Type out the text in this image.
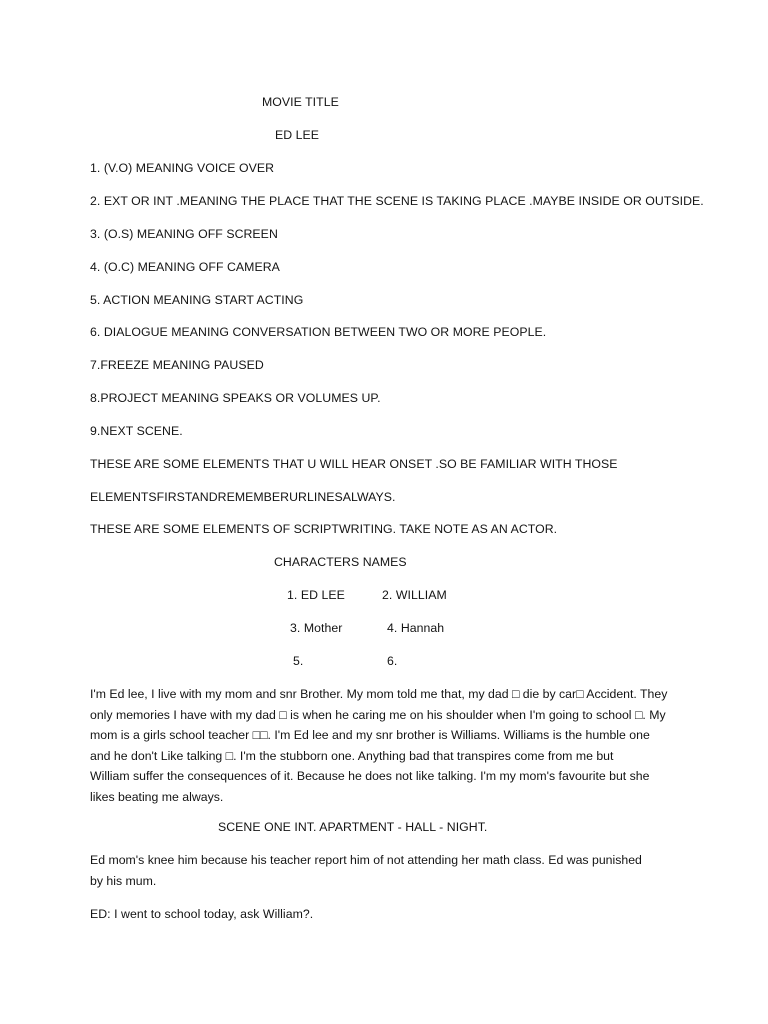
MOVIE TITLE

ED LEE

1. (V.O) MEANING VOICE OVER

2. EXT OR INT .MEANING THE PLACE THAT THE SCENE IS TAKING PLACE .MAYBE INSIDE OR OUTSIDE.

3. (O.S) MEANING OFF SCREEN

4. (O.C) MEANING OFF CAMERA

5. ACTION MEANING START ACTING

6. DIALOGUE MEANING CONVERSATION BETWEEN TWO OR MORE PEOPLE.

7.FREEZE MEANING PAUSED

8.PROJECT MEANING SPEAKS OR VOLUMES UP.

9.NEXT SCENE.

THESE ARE SOME ELEMENTS THAT U WILL HEAR ONSET .SO BE FAMILIAR WITH THOSE

ELEMENTSFIRSTANDREMEMBERURLINESALWAYS.

THESE ARE SOME ELEMENTS OF SCRIPTWRITING. TAKE NOTE AS AN ACTOR.

CHARACTERS NAMES

1. ED LEE	2. WILLIAM

3. Mother	4. Hannah

5.	6.

I'm Ed lee, I live with my mom and snr Brother. My mom told me that, my dad □ die by car□ Accident. They
only memories I have with my dad □ is when he caring me on his shoulder when I'm going to school □. My
mom is a girls school teacher □□. I'm Ed lee and my snr brother is Williams. Williams is the humble one
and he don't Like talking □. I'm the stubborn one. Anything bad that transpires come from me but
William suffer the consequences of it. Because he does not like talking. I'm my mom's favourite but she
likes beating me always.

SCENE ONE INT. APARTMENT - HALL - NIGHT.

Ed mom's knee him because his teacher report him of not attending her math class. Ed was punished
by his mum.

ED: I went to school today, ask William?.
